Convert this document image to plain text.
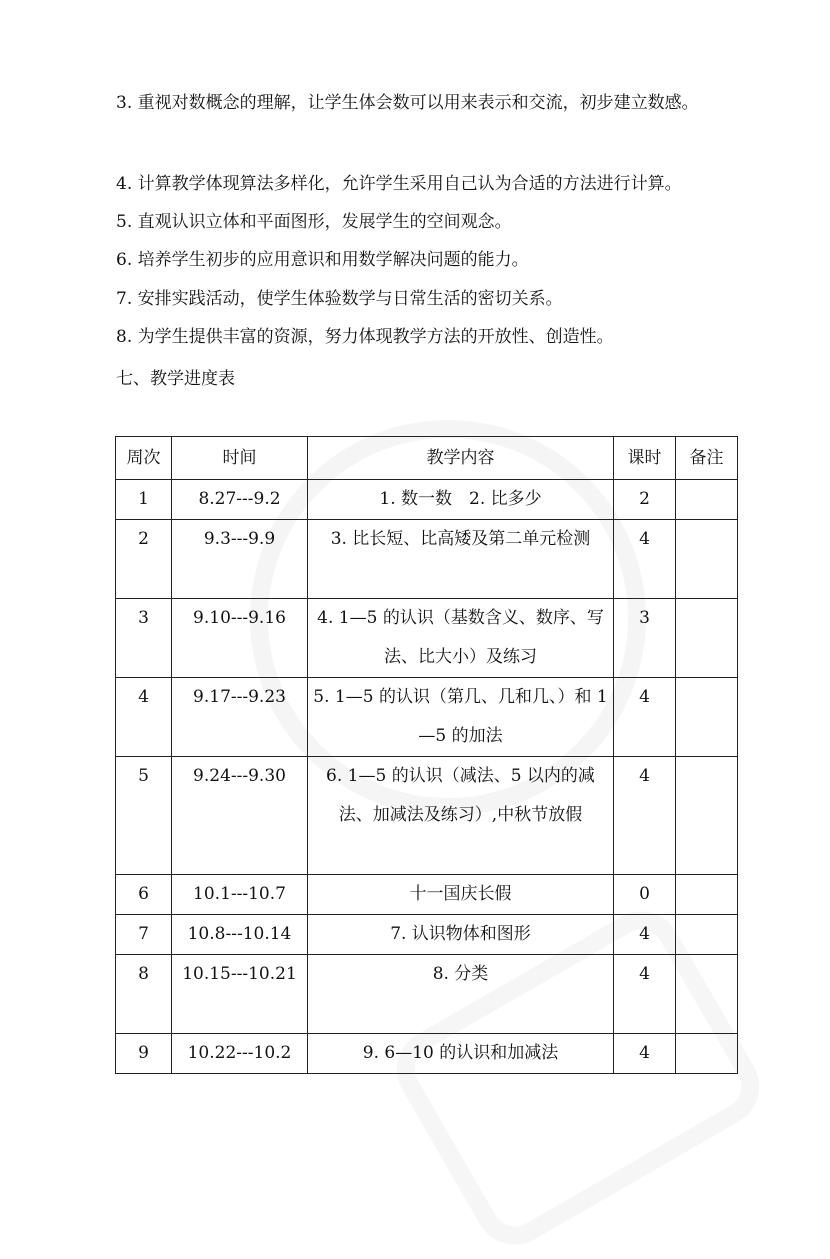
3. 重视对数概念的理解，让学生体会数可以用来表示和交流，初步建立数感。

4. 计算教学体现算法多样化，允许学生采用自己认为合适的方法进行计算。

5. 直观认识立体和平面图形，发展学生的空间观念。

6. 培养学生初步的应用意识和用数学解决问题的能力。

7. 安排实践活动，使学生体验数学与日常生活的密切关系。

8. 为学生提供丰富的资源，努力体现教学方法的开放性、创造性。

七、教学进度表

周次	时间	教学内容	课时	备注
1	8.27---9.2	1. 数一数　2. 比多少	2	
2	9.3---9.9	3. 比长短、比高矮及第二单元检测	4	
3	9.10---9.16	4. 1—5 的认识（基数含义、数序、写法、比大小）及练习	3	
4	9.17---9.23	5. 1—5 的认识（第几、几和几、）和 1—5 的加法	4	
5	9.24---9.30	6. 1—5 的认识（减法、5 以内的减法、加减法及练习）,中秋节放假	4	
6	10.1---10.7	十一国庆长假	0	
7	10.8---10.14	7. 认识物体和图形	4	
8	10.15---10.21	8. 分类	4	
9	10.22---10.2	9. 6—10 的认识和加减法	4	
